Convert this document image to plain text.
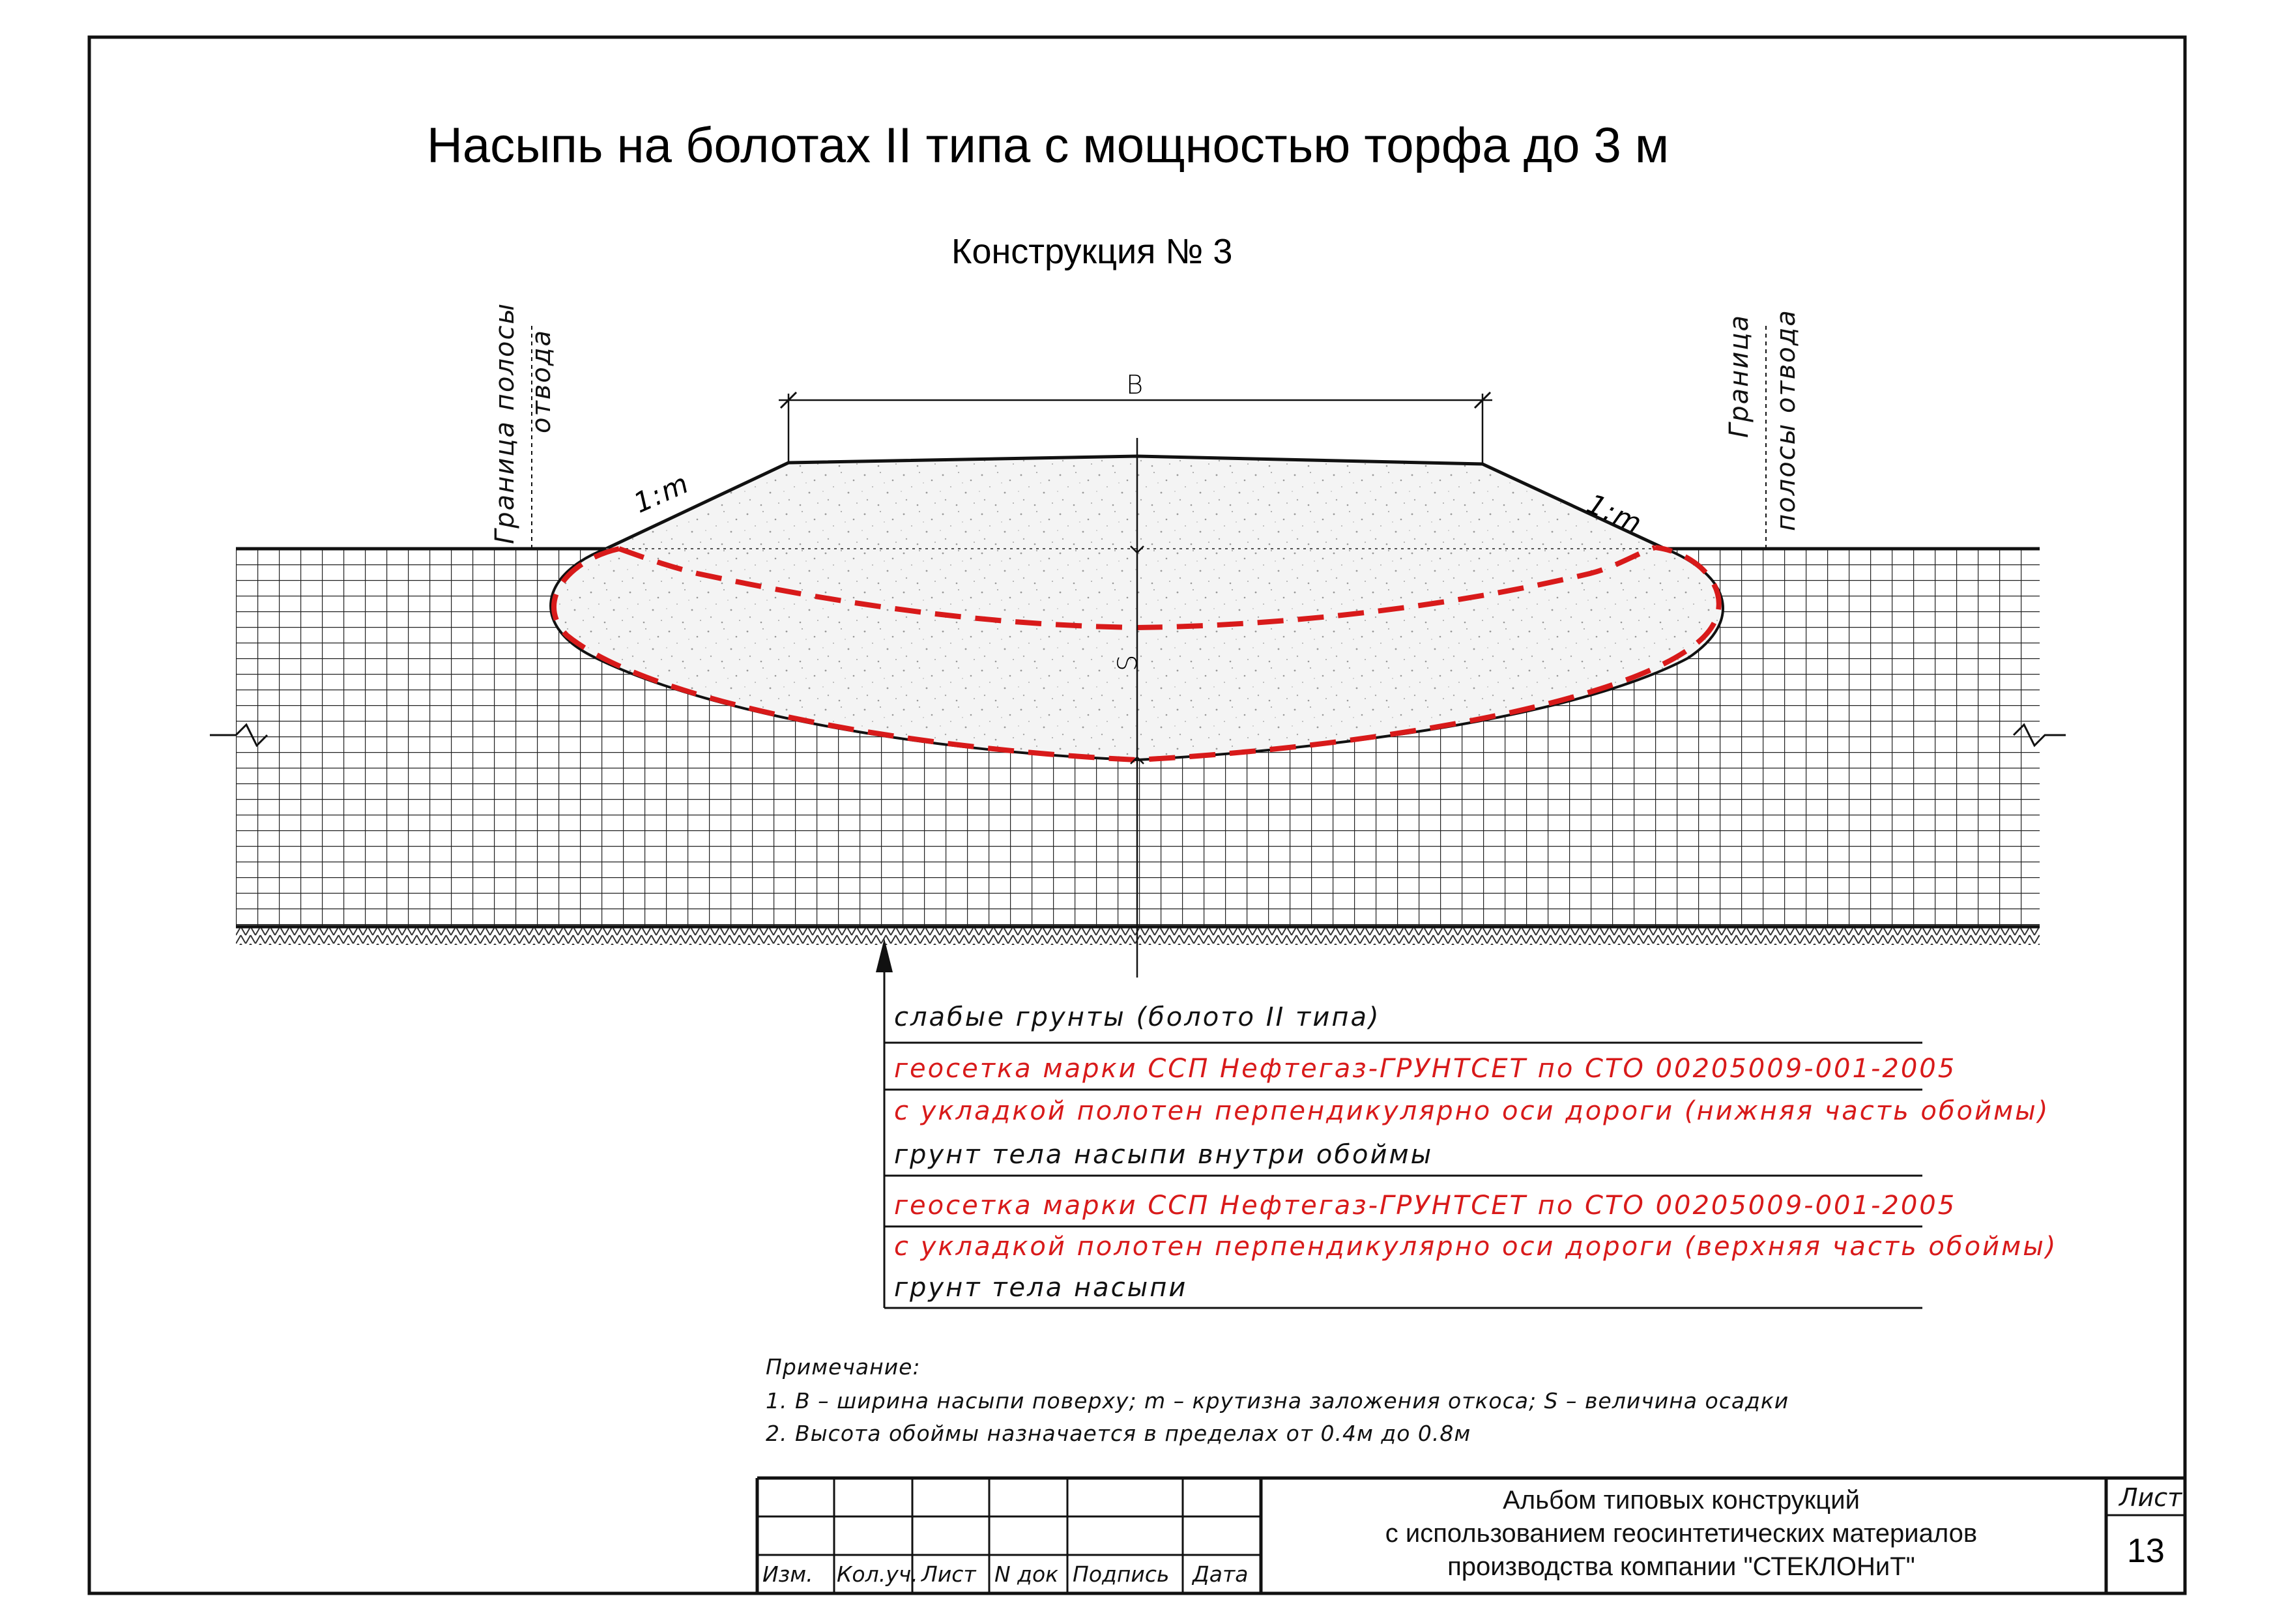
Насыпь на болотах II типа с мощностью торфа до 3 м
Конструкция № 3
Граница полосы отвода	Граница полосы отвода
1:m	1:m
B
S
слабые грунты (болото II типа)
геосетка марки ССП Нефтегаз-ГРУНТСЕТ по СТО 00205009-001-2005
с укладкой полотен перпендикулярно оси дороги (нижняя часть обоймы)
грунт тела насыпи внутри обоймы
геосетка марки ССП Нефтегаз-ГРУНТСЕТ по СТО 00205009-001-2005
с укладкой полотен перпендикулярно оси дороги (верхняя часть обоймы)
грунт тела насыпи
Примечание:
1. В – ширина насыпи поверху; m – крутизна заложения откоса; S – величина осадки
2. Высота обоймы назначается в пределах от 0.4м до 0.8м
Изм. Кол.уч. Лист N док Подпись Дата
Альбом типовых конструкций
с использованием геосинтетических материалов
производства компании "СТЕКЛОНиТ"
Лист
13
